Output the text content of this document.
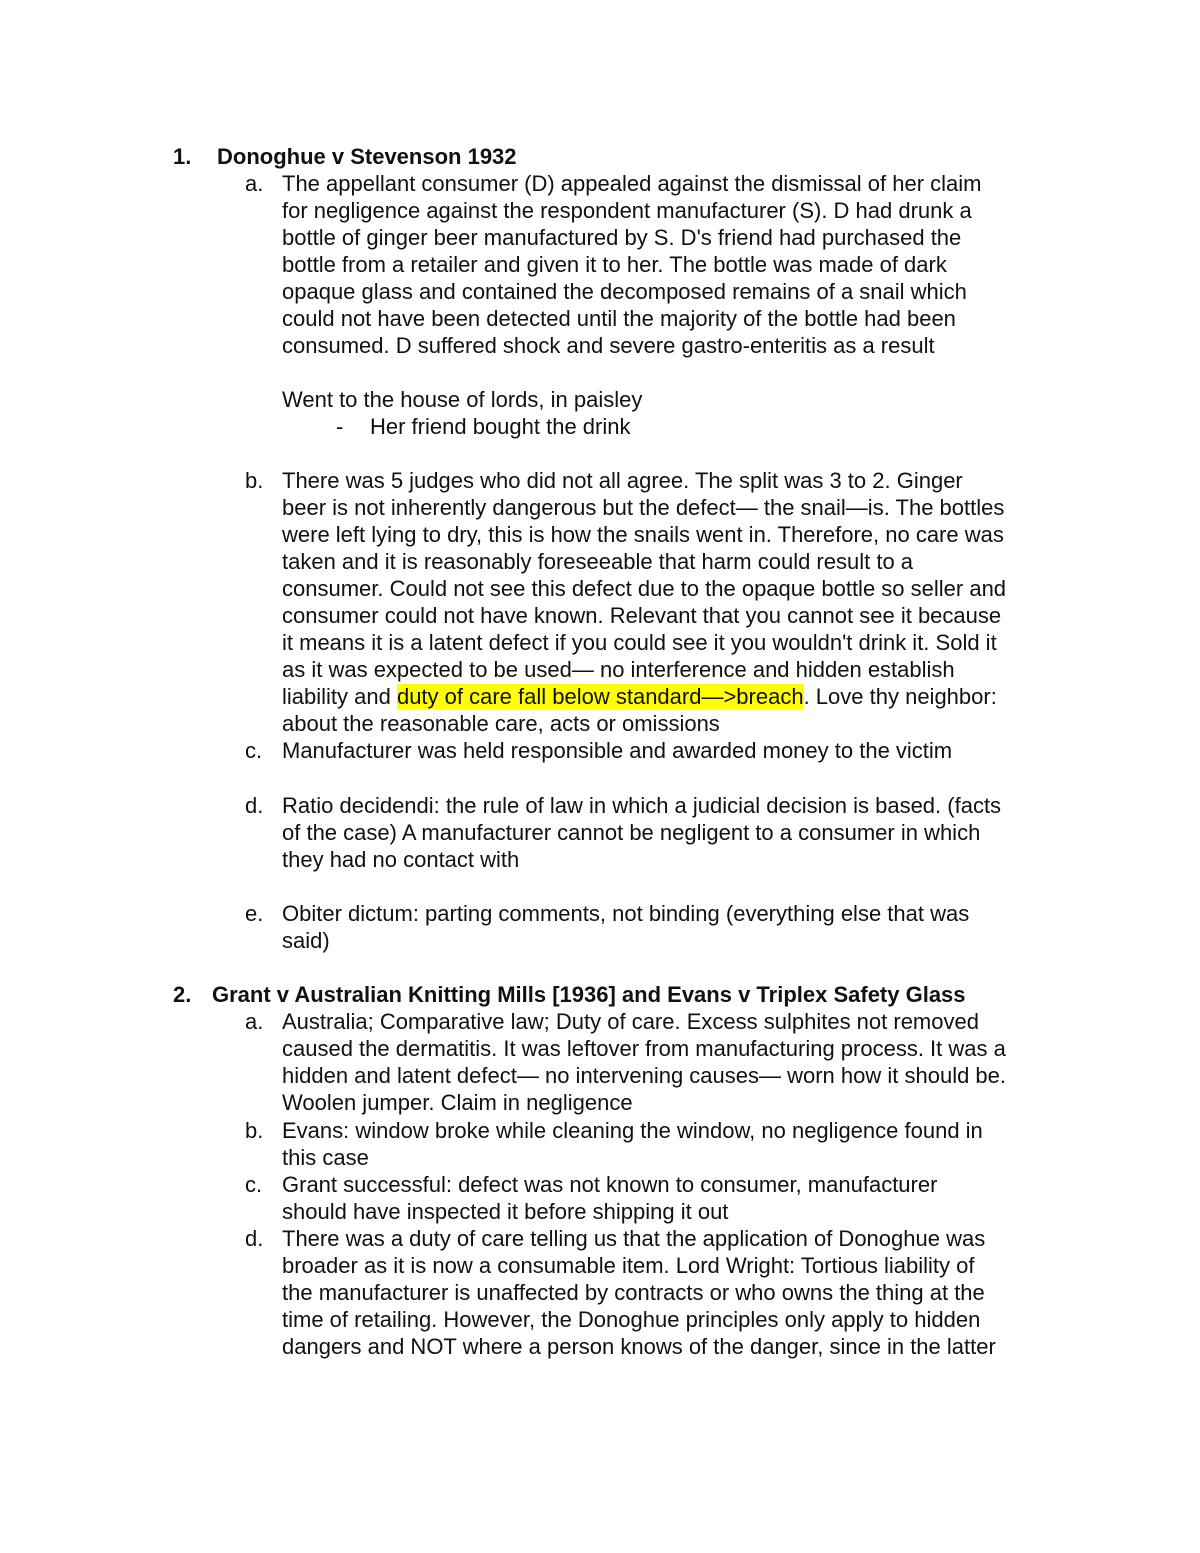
1. Donoghue v Stevenson 1932
a. The appellant consumer (D) appealed against the dismissal of her claim
for negligence against the respondent manufacturer (S). D had drunk a
bottle of ginger beer manufactured by S. D's friend had purchased the
bottle from a retailer and given it to her. The bottle was made of dark
opaque glass and contained the decomposed remains of a snail which
could not have been detected until the majority of the bottle had been
consumed. D suffered shock and severe gastro-enteritis as a result
Went to the house of lords, in paisley
- Her friend bought the drink
b. There was 5 judges who did not all agree. The split was 3 to 2. Ginger
beer is not inherently dangerous but the defect— the snail—is. The bottles
were left lying to dry, this is how the snails went in. Therefore, no care was
taken and it is reasonably foreseeable that harm could result to a
consumer. Could not see this defect due to the opaque bottle so seller and
consumer could not have known. Relevant that you cannot see it because
it means it is a latent defect if you could see it you wouldn't drink it. Sold it
as it was expected to be used— no interference and hidden establish
liability and duty of care fall below standard—>breach. Love thy neighbor:
about the reasonable care, acts or omissions
c. Manufacturer was held responsible and awarded money to the victim
d. Ratio decidendi: the rule of law in which a judicial decision is based. (facts
of the case) A manufacturer cannot be negligent to a consumer in which
they had no contact with
e. Obiter dictum: parting comments, not binding (everything else that was
said)
2. Grant v Australian Knitting Mills [1936] and Evans v Triplex Safety Glass
a. Australia; Comparative law; Duty of care. Excess sulphites not removed
caused the dermatitis. It was leftover from manufacturing process. It was a
hidden and latent defect— no intervening causes— worn how it should be.
Woolen jumper. Claim in negligence
b. Evans: window broke while cleaning the window, no negligence found in
this case
c. Grant successful: defect was not known to consumer, manufacturer
should have inspected it before shipping it out
d. There was a duty of care telling us that the application of Donoghue was
broader as it is now a consumable item. Lord Wright: Tortious liability of
the manufacturer is unaffected by contracts or who owns the thing at the
time of retailing. However, the Donoghue principles only apply to hidden
dangers and NOT where a person knows of the danger, since in the latter
